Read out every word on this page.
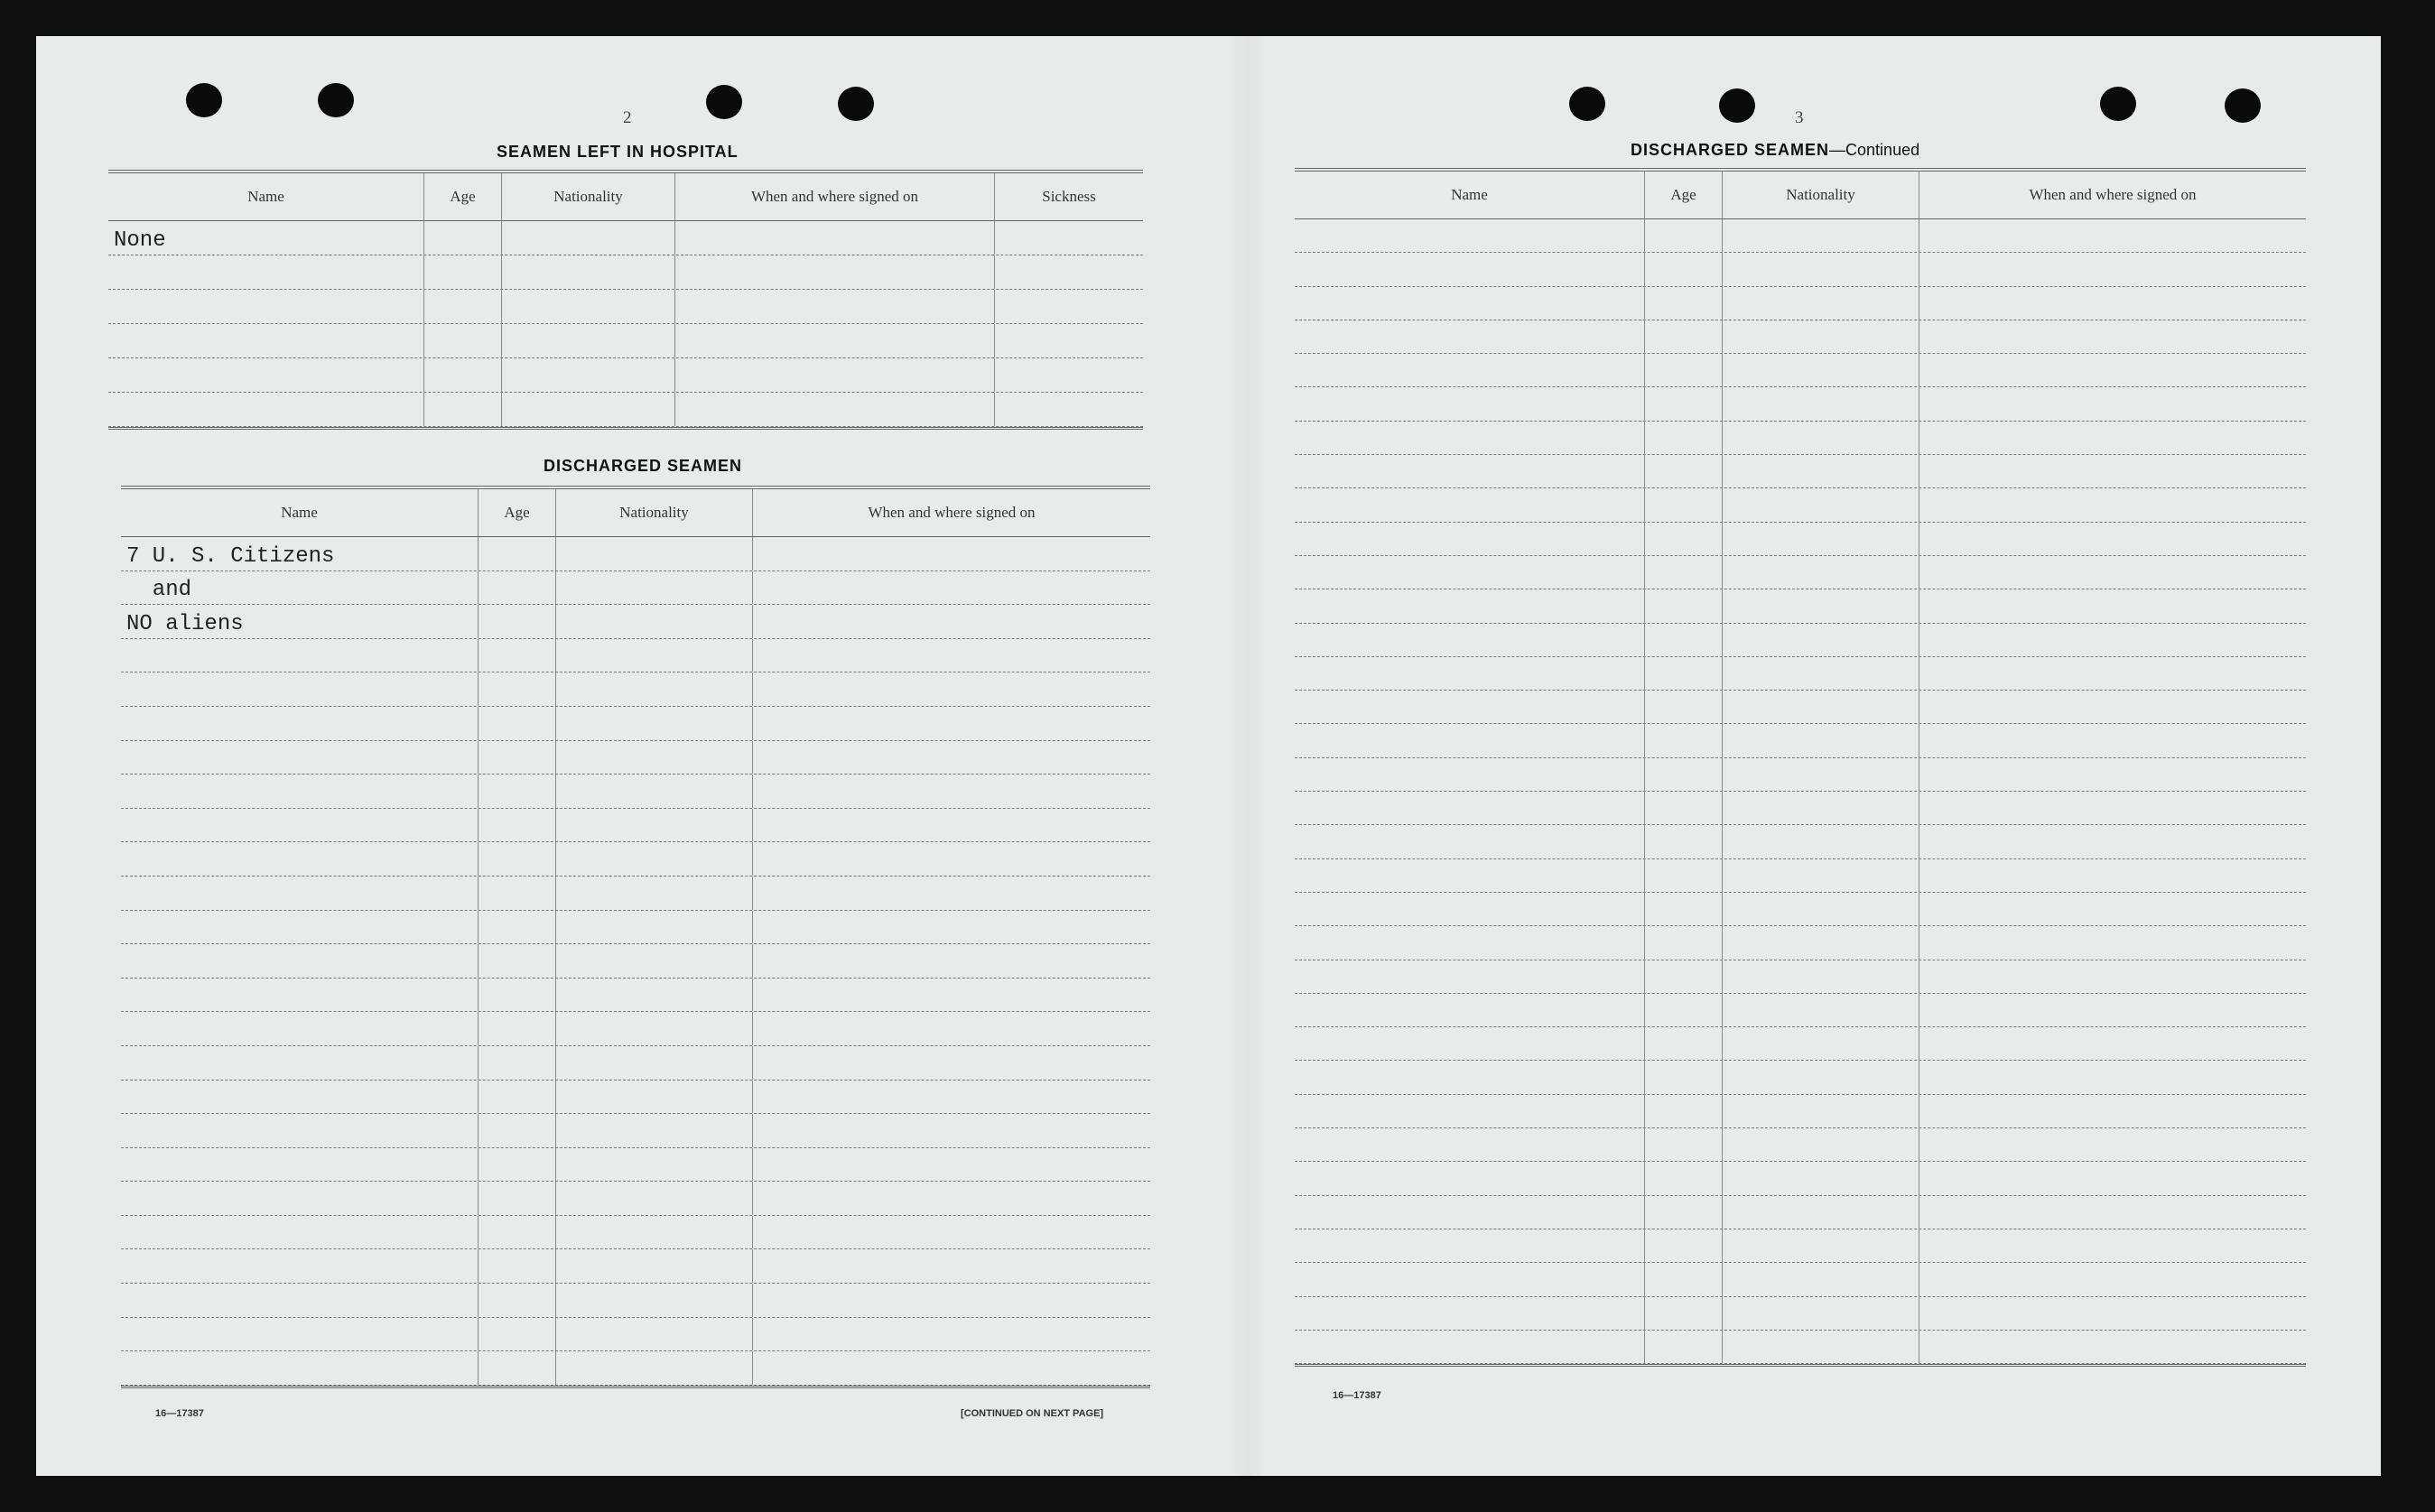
2
SEAMEN LEFT IN HOSPITAL
Name	Age	Nationality	When and where signed on	Sickness
None
DISCHARGED SEAMEN
Name	Age	Nationality	When and where signed on
7 U. S. Citizens
and
NO aliens
16—17387	[CONTINUED ON NEXT PAGE]
3
DISCHARGED SEAMEN—Continued
Name	Age	Nationality	When and where signed on
16—17387
